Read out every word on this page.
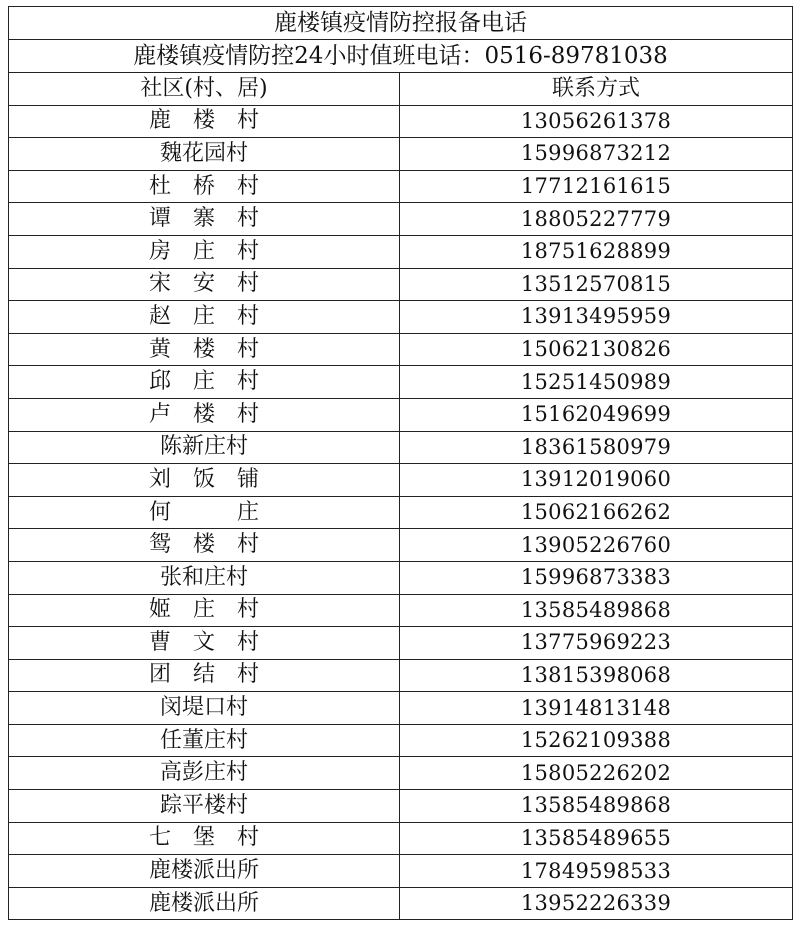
鹿楼镇疫情防控报备电话	
鹿楼镇疫情防控24小时值班电话：0516-89781038	
社区(村、居)	联系方式
鹿　楼　村	13056261378
魏花园村	15996873212
杜　桥　村	17712161615
谭　寨　村	18805227779
房　庄　村	18751628899
宋　安　村	13512570815
赵　庄　村	13913495959
黄　楼　村	15062130826
邱　庄　村	15251450989
卢　楼　村	15162049699
陈新庄村	18361580979
刘　饭　铺	13912019060
何　　　庄	15062166262
鸳　楼　村	13905226760
张和庄村	15996873383
姬　庄　村	13585489868
曹　文　村	13775969223
团　结　村	13815398068
闵堤口村	13914813148
任董庄村	15262109388
高彭庄村	15805226202
踪平楼村	13585489868
七　堡　村	13585489655
鹿楼派出所	17849598533
鹿楼派出所	13952226339
